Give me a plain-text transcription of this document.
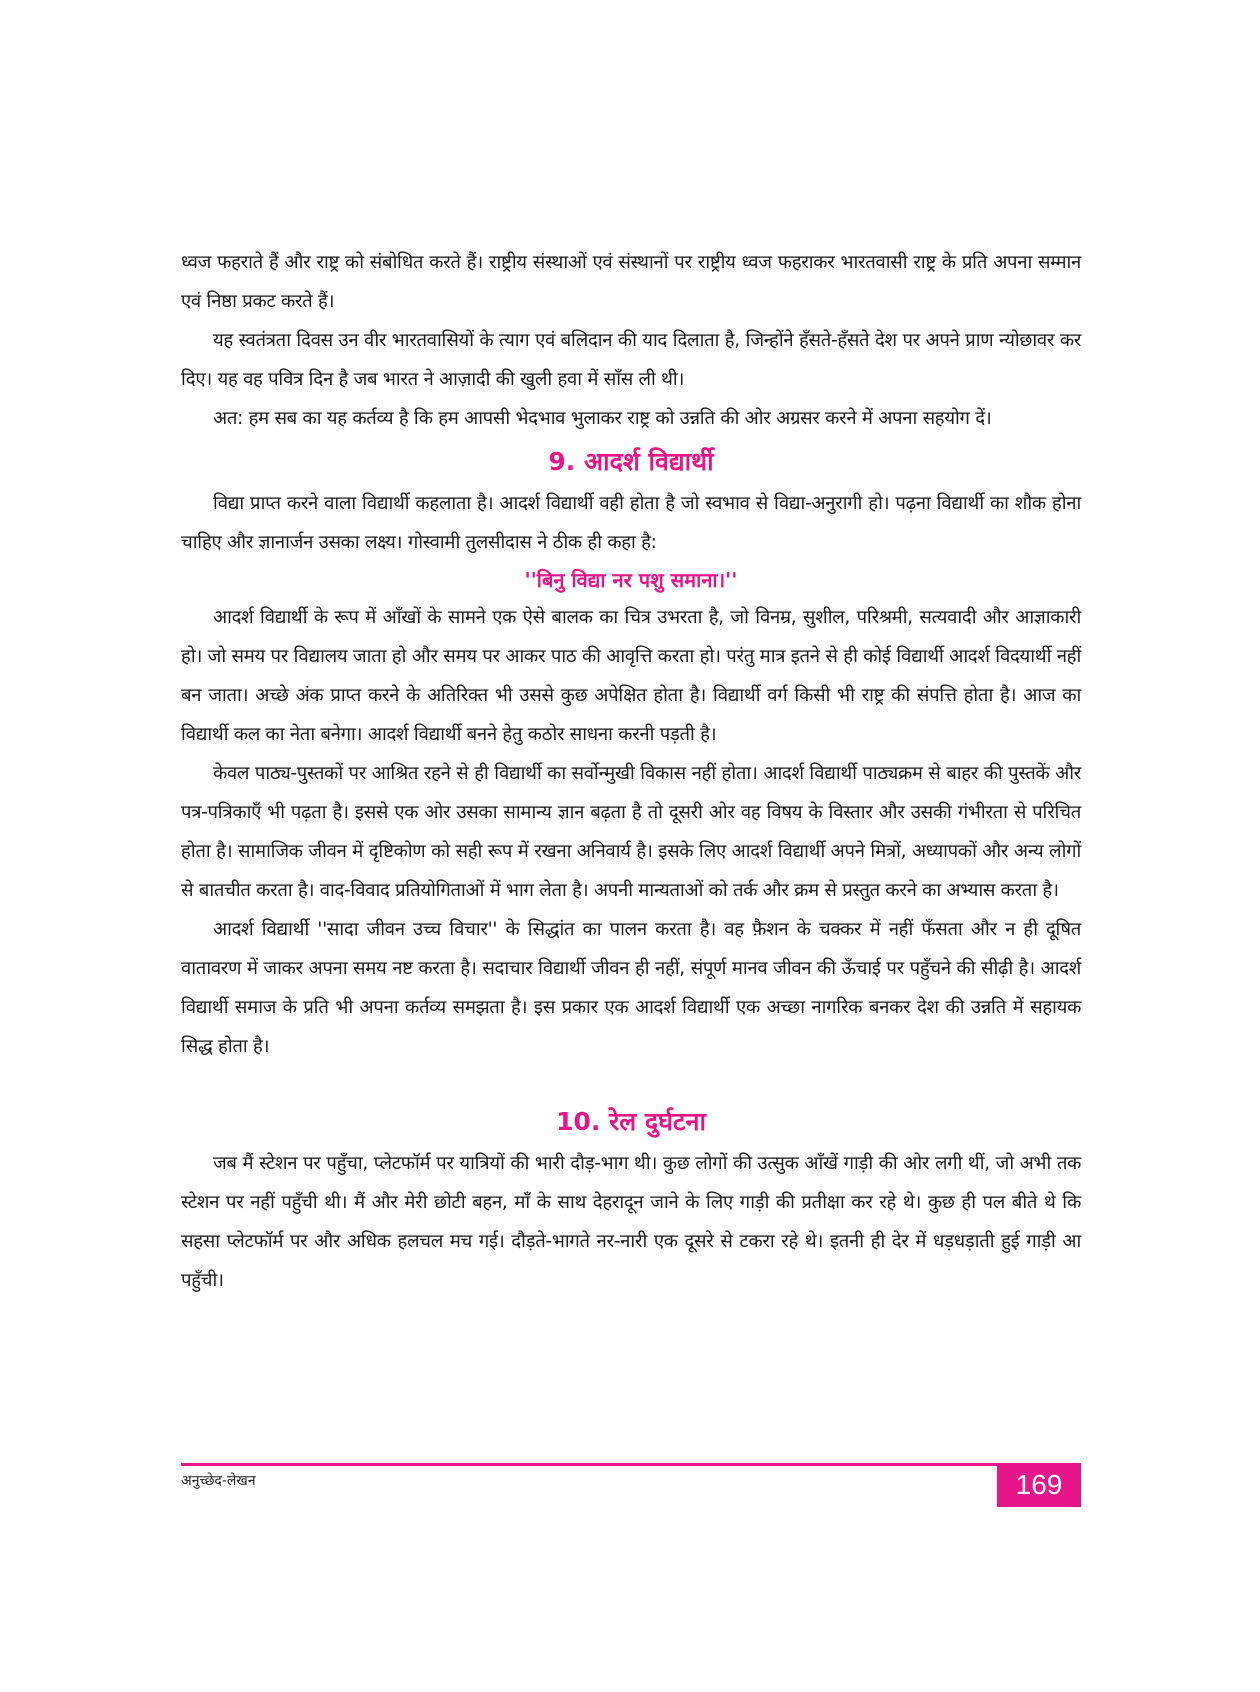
ध्वज फहराते हैं और राष्ट्र को संबोधित करते हैं। राष्ट्रीय संस्थाओं एवं संस्थानों पर राष्ट्रीय ध्वज फहराकर भारतवासी राष्ट्र के प्रति अपना सम्मान एवं निष्ठा प्रकट करते हैं।

यह स्वतंत्रता दिवस उन वीर भारतवासियों के त्याग एवं बलिदान की याद दिलाता है, जिन्होंने हँसते-हँसते देश पर अपने प्राण न्योछावर कर दिए। यह वह पवित्र दिन है जब भारत ने आज़ादी की खुली हवा में साँस ली थी।

अत: हम सब का यह कर्तव्य है कि हम आपसी भेदभाव भुलाकर राष्ट्र को उन्नति की ओर अग्रसर करने में अपना सहयोग दें।

9. आदर्श विद्यार्थी

विद्या प्राप्त करने वाला विद्यार्थी कहलाता है। आदर्श विद्यार्थी वही होता है जो स्वभाव से विद्या-अनुरागी हो। पढ़ना विद्यार्थी का शौक होना चाहिए और ज्ञानार्जन उसका लक्ष्य। गोस्वामी तुलसीदास ने ठीक ही कहा है:

''बिनु विद्या नर पशु समाना।''

आदर्श विद्यार्थी के रूप में आँखों के सामने एक ऐसे बालक का चित्र उभरता है, जो विनम्र, सुशील, परिश्रमी, सत्यवादी और आज्ञाकारी हो। जो समय पर विद्यालय जाता हो और समय पर आकर पाठ की आवृत्ति करता हो। परंतु मात्र इतने से ही कोई विद्यार्थी आदर्श विदयार्थी नहीं बन जाता। अच्छे अंक प्राप्त करने के अतिरिक्त भी उससे कुछ अपेक्षित होता है। विद्यार्थी वर्ग किसी भी राष्ट्र की संपत्ति होता है। आज का विद्यार्थी कल का नेता बनेगा। आदर्श विद्यार्थी बनने हेतु कठोर साधना करनी पड़ती है।

केवल पाठ्य-पुस्तकों पर आश्रित रहने से ही विद्यार्थी का सर्वोन्मुखी विकास नहीं होता। आदर्श विद्यार्थी पाठ्यक्रम से बाहर की पुस्तकें और पत्र-पत्रिकाएँ भी पढ़ता है। इससे एक ओर उसका सामान्य ज्ञान बढ़ता है तो दूसरी ओर वह विषय के विस्तार और उसकी गंभीरता से परिचित होता है। सामाजिक जीवन में दृष्टिकोण को सही रूप में रखना अनिवार्य है। इसके लिए आदर्श विद्यार्थी अपने मित्रों, अध्यापकों और अन्य लोगों से बातचीत करता है। वाद-विवाद प्रतियोगिताओं में भाग लेता है। अपनी मान्यताओं को तर्क और क्रम से प्रस्तुत करने का अभ्यास करता है।

आदर्श विद्यार्थी ''सादा जीवन उच्च विचार'' के सिद्धांत का पालन करता है। वह फ़ैशन के चक्कर में नहीं फँसता और न ही दूषित वातावरण में जाकर अपना समय नष्ट करता है। सदाचार विद्यार्थी जीवन ही नहीं, संपूर्ण मानव जीवन की ऊँचाई पर पहुँचने की सीढ़ी है। आदर्श विद्यार्थी समाज के प्रति भी अपना कर्तव्य समझता है। इस प्रकार एक आदर्श विद्यार्थी एक अच्छा नागरिक बनकर देश की उन्नति में सहायक सिद्ध होता है।

10. रेल दुर्घटना

जब मैं स्टेशन पर पहुँचा, प्लेटफॉर्म पर यात्रियों की भारी दौड़-भाग थी। कुछ लोगों की उत्सुक आँखें गाड़ी की ओर लगी थीं, जो अभी तक स्टेशन पर नहीं पहुँची थी। मैं और मेरी छोटी बहन, माँ के साथ देहरादून जाने के लिए गाड़ी की प्रतीक्षा कर रहे थे। कुछ ही पल बीते थे कि सहसा प्लेटफॉर्म पर और अधिक हलचल मच गई। दौड़ते-भागते नर-नारी एक दूसरे से टकरा रहे थे। इतनी ही देर में धड़धड़ाती हुई गाड़ी आ पहुँची।

अनुच्छेद-लेखन	169
